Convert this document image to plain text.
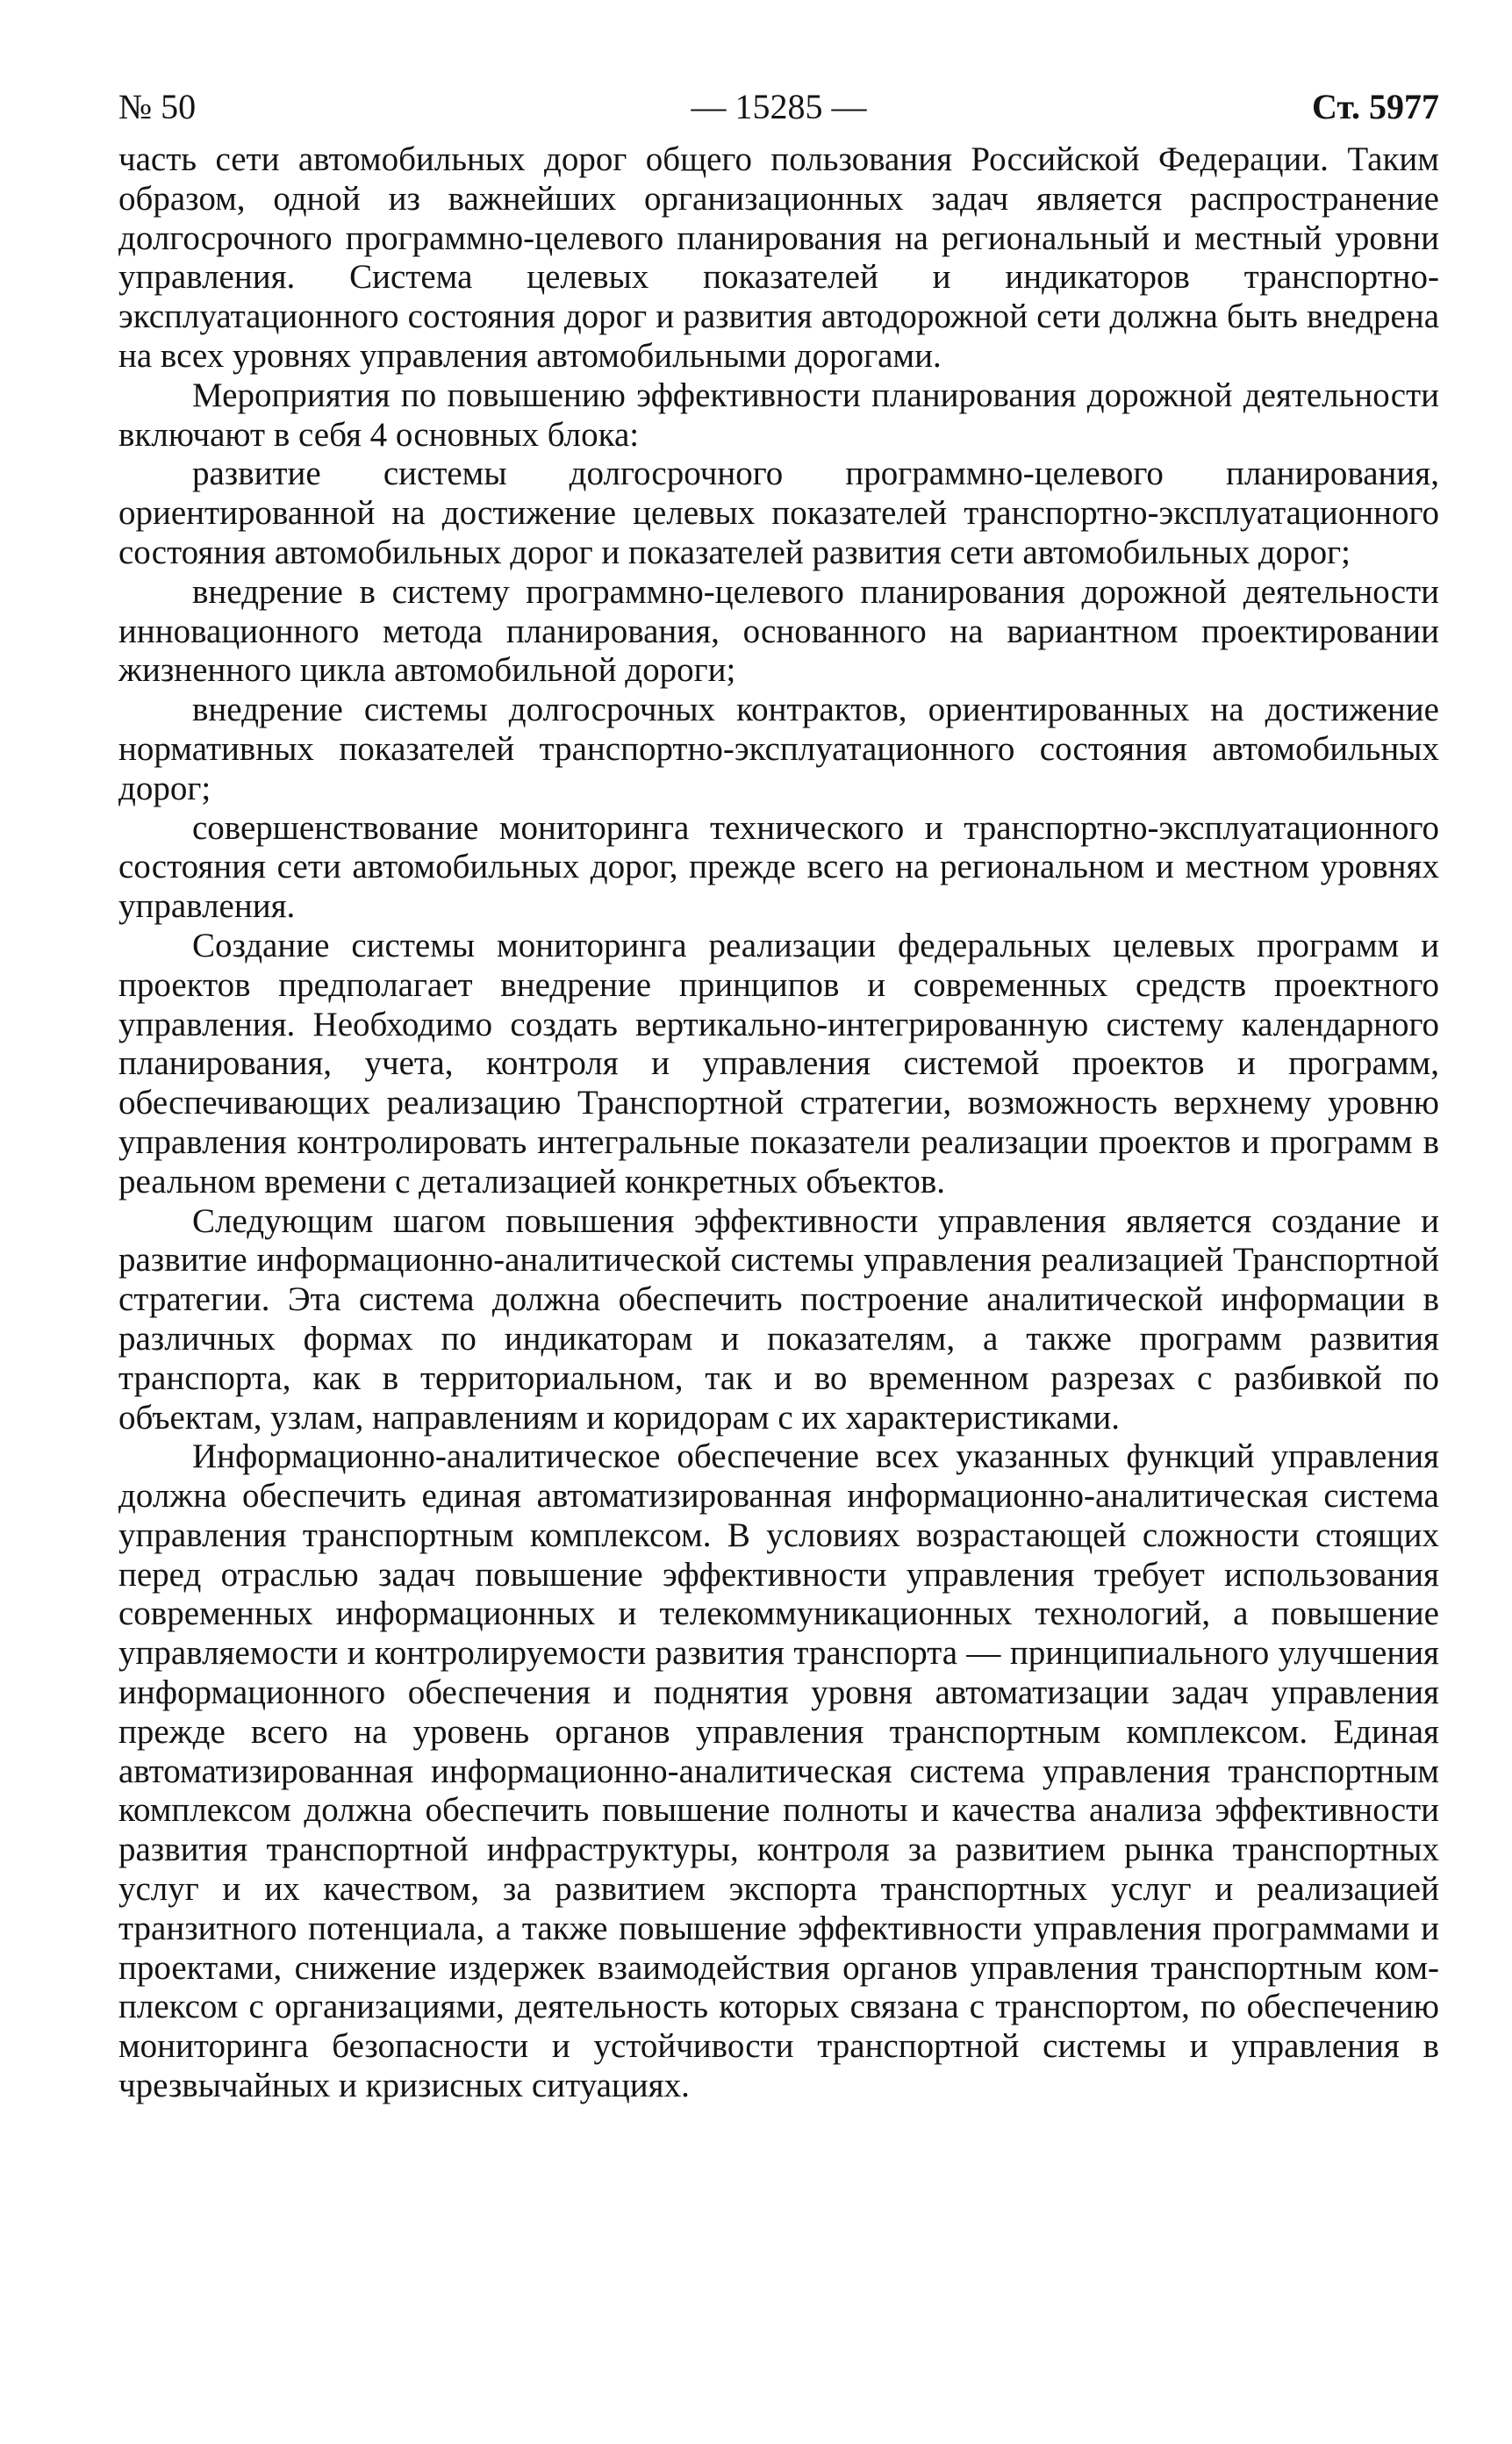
№ 50	— 15285 —	Ст. 5977

часть сети автомобильных дорог общего пользования Российской Федерации. Таким образом, одной из важнейших организационных задач является распространение долгосрочного программно-целевого планирования на региональный и местный уровни управления. Система целевых показателей и индикаторов транспортно-эксплуатационного состояния дорог и развития автодорожной сети должна быть внедрена на всех уровнях управления автомобильными дорогами.

Мероприятия по повышению эффективности планирования дорожной деятельности включают в себя 4 основных блока:

развитие системы долгосрочного программно-целевого планирования, ориентированной на достижение целевых показателей транспортно-эксплуатационного состояния автомобильных дорог и показателей развития сети автомобильных дорог;

внедрение в систему программно-целевого планирования дорожной деятельности инновационного метода планирования, основанного на вариантном проектировании жизненного цикла автомобильной дороги;

внедрение системы долгосрочных контрактов, ориентированных на достижение нормативных показателей транспортно-эксплуатационного состояния автомобильных дорог;

совершенствование мониторинга технического и транспортно-эксплуатационного состояния сети автомобильных дорог, прежде всего на региональном и местном уровнях управления.

Создание системы мониторинга реализации федеральных целевых программ и проектов предполагает внедрение принципов и современных средств проектного управления. Необходимо создать вертикально-интегрированную систему календарного планирования, учета, контроля и управления системой проектов и программ, обеспечивающих реализацию Транспортной стратегии, возможность верхнему уровню управления контролировать интегральные показатели реализации проектов и программ в реальном времени с детализацией конкретных объектов.

Следующим шагом повышения эффективности управления является создание и развитие информационно-аналитической системы управления реализацией Транспортной стратегии. Эта система должна обеспечить построение аналитической информации в различных формах по индикаторам и показателям, а также программ развития транспорта, как в территориальном, так и во временном разрезах с разбивкой по объектам, узлам, направлениям и коридорам с их характеристиками.

Информационно-аналитическое обеспечение всех указанных функций управления должна обеспечить единая автоматизированная информационно-аналитическая система управления транспортным комплексом. В условиях возрастающей сложности стоящих перед отраслью задач повышение эффективности управления требует использования современных информационных и телекоммуникационных технологий, а повышение управляемости и контролируемости развития транспорта — принципиального улучшения информационного обеспечения и поднятия уровня автоматизации задач управления прежде всего на уровень органов управления транспортным комплексом. Единая автоматизированная информационно-аналитическая система управления транспортным комплексом должна обеспечить повышение полноты и качества анализа эффективности развития транспортной инфраструктуры, контроля за развитием рынка транспортных услуг и их качеством, за развитием экспорта транспортных услуг и реализацией транзитного потенциала, а также повышение эффективности управления программами и проектами, снижение издержек взаимодействия органов управления транспортным комплексом с организациями, деятельность которых связана с транспортом, по обеспечению мониторинга безопасности и устойчивости транспортной системы и управления в чрезвычайных и кризисных ситуациях.
